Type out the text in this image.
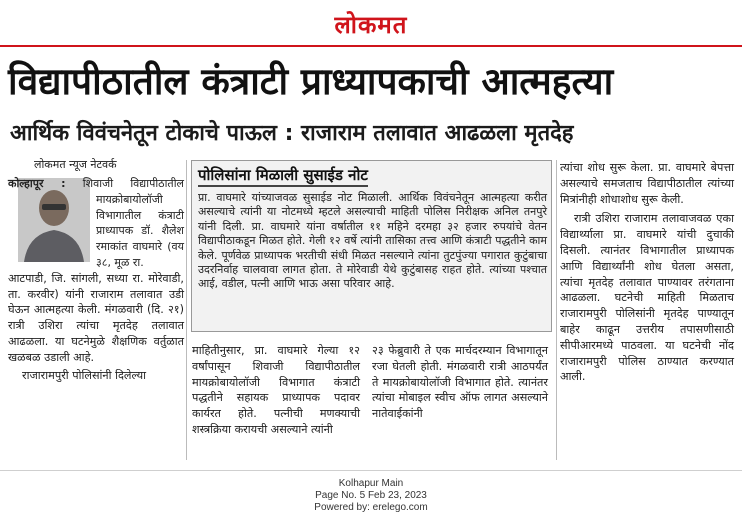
लोकमत
विद्यापीठातील कंत्राटी प्राध्यापकाची आत्महत्या
आर्थिक विवंचनेतून टोकाचे पाऊल : राजाराम तलावात आढळला मृतदेह
लोकमत न्यूज नेटवर्क
कोल्हापूर : शिवाजी विद्यापीठातील मायक्रोबायोलॉजी विभागातील कंत्राटी प्राध्यापक डॉ. शैलेश रमाकांत वाघमारे (वय ३८, मूळ रा.

आटपाडी, जि. सांगली, सध्या रा. मोरेवाडी, ता. करवीर) यांनी राजाराम तलावात उडी घेऊन आत्महत्या केली. मंगळवारी (दि. २१) रात्री उशिरा त्यांचा मृतदेह तलावात आढळला. या घटनेमुळे शैक्षणिक वर्तुळात खळबळ उडाली आहे.

राजारामपुरी पोलिसांनी दिलेल्या

पोलिसांना मिळाली सुसाईड नोट
प्रा. वाघमारे यांच्याजवळ सुसाईड नोट मिळाली. आर्थिक विवंचनेतून आत्महत्या करीत असल्याचे त्यांनी या नोटमध्ये म्हटले असल्याची माहिती पोलिस निरीक्षक अनिल तनपुरे यांनी दिली. प्रा. वाघमारे यांना वर्षातील ११ महिने दरमहा ३२ हजार रुपयांचे वेतन विद्यापीठाकडून मिळत होते. गेली १२ वर्षे त्यांनी तासिका तत्त्व आणि कंत्राटी पद्धतीने काम केले. पूर्णवेळ प्राध्यापक भरतीची संधी मिळत नसल्याने त्यांना तुटपुंज्या पगारात कुटुंबाचा उदरनिर्वाह चालवावा लागत होता. ते मोरेवाडी येथे कुटुंबासह राहत होते. त्यांच्या पश्चात आई, वडील, पत्नी आणि भाऊ असा परिवार आहे.

माहितीनुसार, प्रा. वाघमारे गेल्या १२ वर्षांपासून शिवाजी विद्यापीठातील मायक्रोबायोलॉजी विभागात कंत्राटी पद्धतीने सहायक प्राध्यापक पदावर कार्यरत होते. पत्नीची मणक्याची शस्त्रक्रिया करायची असल्याने त्यांनी

२३ फेब्रुवारी ते एक मार्चदरम्यान विभागातून रजा घेतली होती. मंगळवारी रात्री आठपर्यंत ते मायक्रोबायोलॉजी विभागात होते. त्यानंतर त्यांचा मोबाइल स्वीच ऑफ लागत असल्याने नातेवाईकांनी

त्यांचा शोध सुरू केला. प्रा. वाघमारे बेपत्ता असल्याचे समजताच विद्यापीठातील त्यांच्या मित्रांनीही शोधाशोध सुरू केली.

रात्री उशिरा राजाराम तलावाजवळ एका विद्यार्थ्याला प्रा. वाघमारे यांची दुचाकी दिसली. त्यानंतर विभागातील प्राध्यापक आणि विद्यार्थ्यांनी शोध घेतला असता, त्यांचा मृतदेह तलावात पाण्यावर तरंगताना आढळला. घटनेची माहिती मिळताच राजारामपुरी पोलिसांनी मृतदेह पाण्यातून बाहेर काढून उत्तरीय तपासणीसाठी सीपीआरमध्ये पाठवला. या घटनेची नोंद राजारामपुरी पोलिस ठाण्यात करण्यात आली.

Kolhapur Main
Page No. 5 Feb 23, 2023
Powered by: erelego.com
